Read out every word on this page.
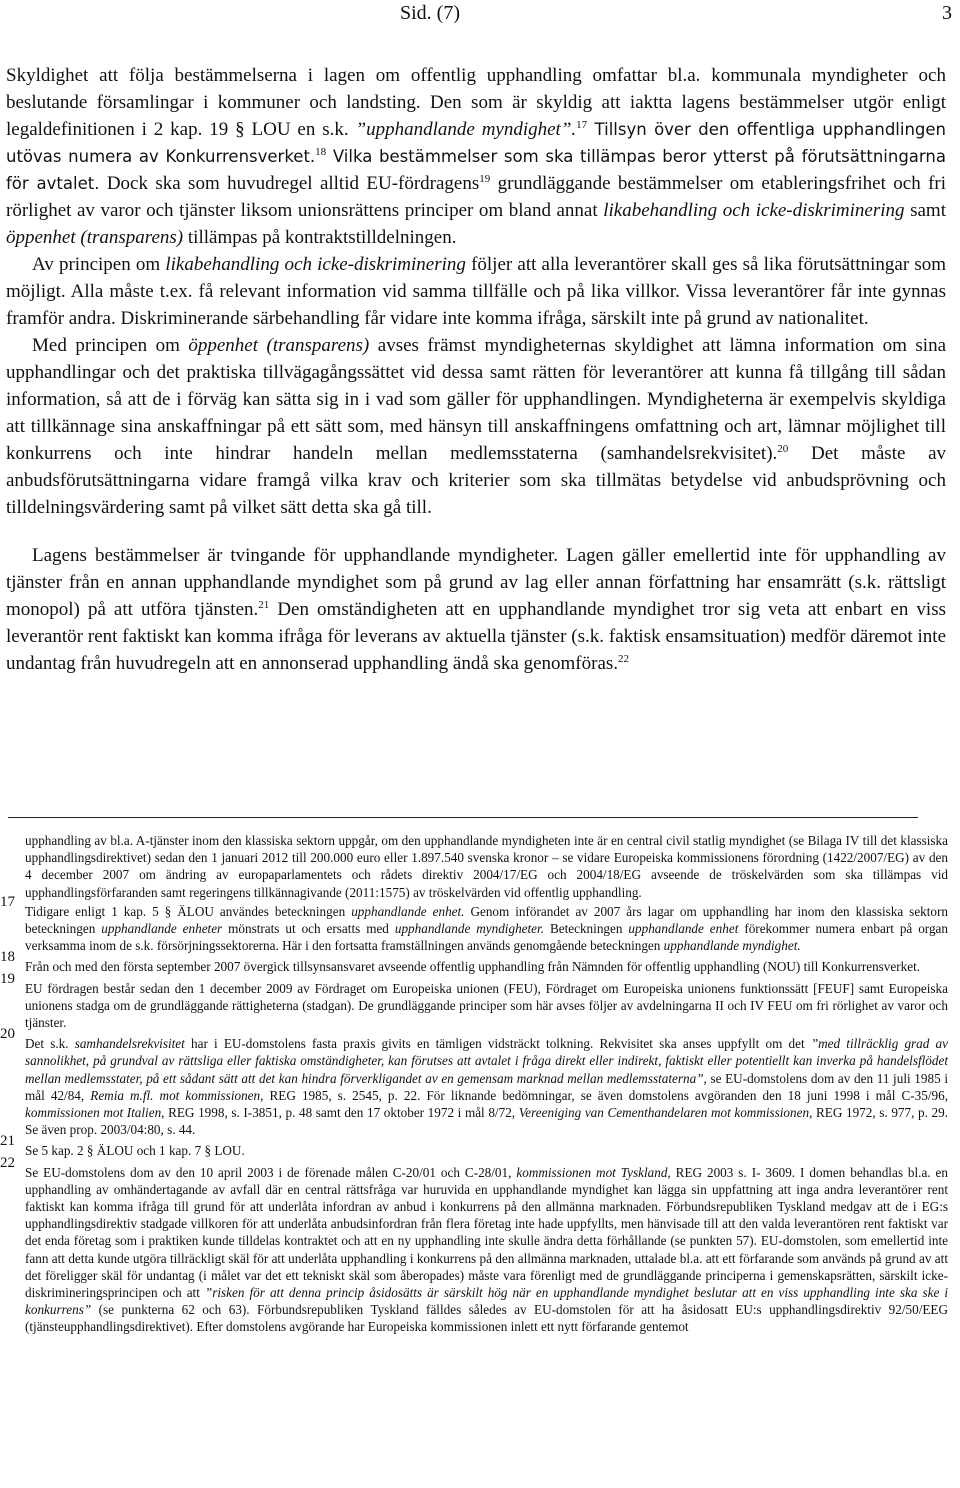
Sid. (7)	3

Skyldighet att följa bestämmelserna i lagen om offentlig upphandling omfattar bl.a. kommunala myndigheter och beslutande församlingar i kommuner och landsting. Den som är skyldig att iaktta lagens bestämmelser utgör enligt legaldefinitionen i 2 kap. 19 § LOU en s.k. ”upphandlande myndighet”.$^{17}$ Tillsyn över den offentliga upphandlingen utövas numera av Konkurrensverket.$^{18}$ Vilka bestämmelser som ska tillämpas beror ytterst på förutsättningarna för avtalet. Dock ska som huvudregel alltid EU-fördragens$^{19}$ grundläggande bestämmelser om etableringsfrihet och fri rörlighet av varor och tjänster liksom unionsrättens principer om bland annat likabehandling och icke-diskriminering samt öppenhet (transparens) tillämpas på kontraktstilldelningen.

Av principen om likabehandling och icke-diskriminering följer att alla leverantörer skall ges så lika förutsättningar som möjligt. Alla måste t.ex. få relevant information vid samma tillfälle och på lika villkor. Vissa leverantörer får inte gynnas framför andra. Diskriminerande särbehandling får vidare inte komma ifråga, särskilt inte på grund av nationalitet.

Med principen om öppenhet (transparens) avses främst myndigheternas skyldighet att lämna information om sina upphandlingar och det praktiska tillvägagångssättet vid dessa samt rätten för leverantörer att kunna få tillgång till sådan information, så att de i förväg kan sätta sig in i vad som gäller för upphandlingen. Myndigheterna är exempelvis skyldiga att tillkännage sina anskaffningar på ett sätt som, med hänsyn till anskaffningens omfattning och art, lämnar möjlighet till konkurrens och inte hindrar handeln mellan medlemsstaterna (samhandelsrekvisitet).$^{20}$ Det måste av anbudsförutsättningarna vidare framgå vilka krav och kriterier som ska tillmätas betydelse vid anbudsprövning och tilldelningsvärdering samt på vilket sätt detta ska gå till.

Lagens bestämmelser är tvingande för upphandlande myndigheter. Lagen gäller emellertid inte för upphandling av tjänster från en annan upphandlande myndighet som på grund av lag eller annan författning har ensamrätt (s.k. rättsligt monopol) på att utföra tjänsten.$^{21}$ Den omständigheten att en upphandlande myndighet tror sig veta att enbart en viss leverantör rent faktiskt kan komma ifråga för leverans av aktuella tjänster (s.k. faktisk ensamsituation) medför däremot inte undantag från huvudregeln att en annonserad upphandling ändå ska genomföras.$^{22}$

upphandling av bl.a. A-tjänster inom den klassiska sektorn uppgår, om den upphandlande myndigheten inte är en central civil statlig myndighet (se Bilaga IV till det klassiska upphandlingsdirektivet) sedan den 1 januari 2012 till 200.000 euro eller 1.897.540 svenska kronor – se vidare Europeiska kommissionens förordning (1422/2007/EG) av den 4 december 2007 om ändring av europaparlamentets och rådets direktiv 2004/17/EG och 2004/18/EG avseende de tröskelvärden som ska tillämpas vid upphandlingsförfaranden samt regeringens tillkännagivande (2011:1575) av tröskelvärden vid offentlig upphandling.
17
Tidigare enligt 1 kap. 5 § ÄLOU användes beteckningen upphandlande enhet. Genom införandet av 2007 års lagar om upphandling har inom den klassiska sektorn beteckningen upphandlande enheter mönstrats ut och ersatts med upphandlande myndigheter. Beteckningen upphandlande enhet förekommer numera enbart på organ verksamma inom de s.k. försörjningssektorerna. Här i den fortsatta framställningen används genomgående beteckningen upphandlande myndighet.
18
Från och med den första september 2007 övergick tillsynsansvaret avseende offentlig upphandling från Nämnden för offentlig upphandling (NOU) till Konkurrensverket.
19
EU fördragen består sedan den 1 december 2009 av Fördraget om Europeiska unionen (FEU), Fördraget om Europeiska unionens funktionssätt [FEUF] samt Europeiska unionens stadga om de grundläggande rättigheterna (stadgan). De grundläggande principer som här avses följer av avdelningarna II och IV FEU om fri rörlighet av varor och tjänster.
20
Det s.k. samhandelsrekvisitet har i EU-domstolens fasta praxis givits en tämligen vidsträckt tolkning. Rekvisitet ska anses uppfyllt om det ”med tillräcklig grad av sannolikhet, på grundval av rättsliga eller faktiska omständigheter, kan förutses att avtalet i fråga direkt eller indirekt, faktiskt eller potentiellt kan inverka på handelsflödet mellan medlemsstater, på ett sådant sätt att det kan hindra förverkligandet av en gemensam marknad mellan medlemsstaterna”, se EU-domstolens dom av den 11 juli 1985 i mål 42/84, Remia m.fl. mot kommissionen, REG 1985, s. 2545, p. 22. För liknande bedömningar, se även domstolens avgöranden den 18 juni 1998 i mål C-35/96, kommissionen mot Italien, REG 1998, s. I-3851, p. 48 samt den 17 oktober 1972 i mål 8/72, Vereeniging van Cementhandelaren mot kommissionen, REG 1972, s. 977, p. 29. Se även prop. 2003/04:80, s. 44.
21
Se 5 kap. 2 § ÄLOU och 1 kap. 7 § LOU.
22
Se EU-domstolens dom av den 10 april 2003 i de förenade målen C-20/01 och C-28/01, kommissionen mot Tyskland, REG 2003 s. I- 3609. I domen behandlas bl.a. en upphandling av omhändertagande av avfall där en central rättsfråga var huruvida en upphandlande myndighet kan lägga sin uppfattning att inga andra leverantörer rent faktiskt kan komma ifråga till grund för att underlåta infordran av anbud i konkurrens på den allmänna marknaden. Förbundsrepubliken Tyskland medgav att de i EG:s upphandlingsdirektiv stadgade villkoren för att underlåta anbudsinfordran från flera företag inte hade uppfyllts, men hänvisade till att den valda leverantören rent faktiskt var det enda företag som i praktiken kunde tilldelas kontraktet och att en ny upphandling inte skulle ändra detta förhållande (se punkten 57). EU-domstolen, som emellertid inte fann att detta kunde utgöra tillräckligt skäl för att underlåta upphandling i konkurrens på den allmänna marknaden, uttalade bl.a. att ett förfarande som används på grund av att det föreligger skäl för undantag (i målet var det ett tekniskt skäl som åberopades) måste vara förenligt med de grundläggande principerna i gemenskapsrätten, särskilt icke-diskrimineringsprincipen och att ”risken för att denna princip åsidosätts är särskilt hög när en upphandlande myndighet beslutar att en viss upphandling inte ska ske i konkurrens” (se punkterna 62 och 63). Förbundsrepubliken Tyskland fälldes således av EU-domstolen för att ha åsidosatt EU:s upphandlingsdirektiv 92/50/EEG (tjänsteupphandlingsdirektivet). Efter domstolens avgörande har Europeiska kommissionen inlett ett nytt förfarande gentemot
